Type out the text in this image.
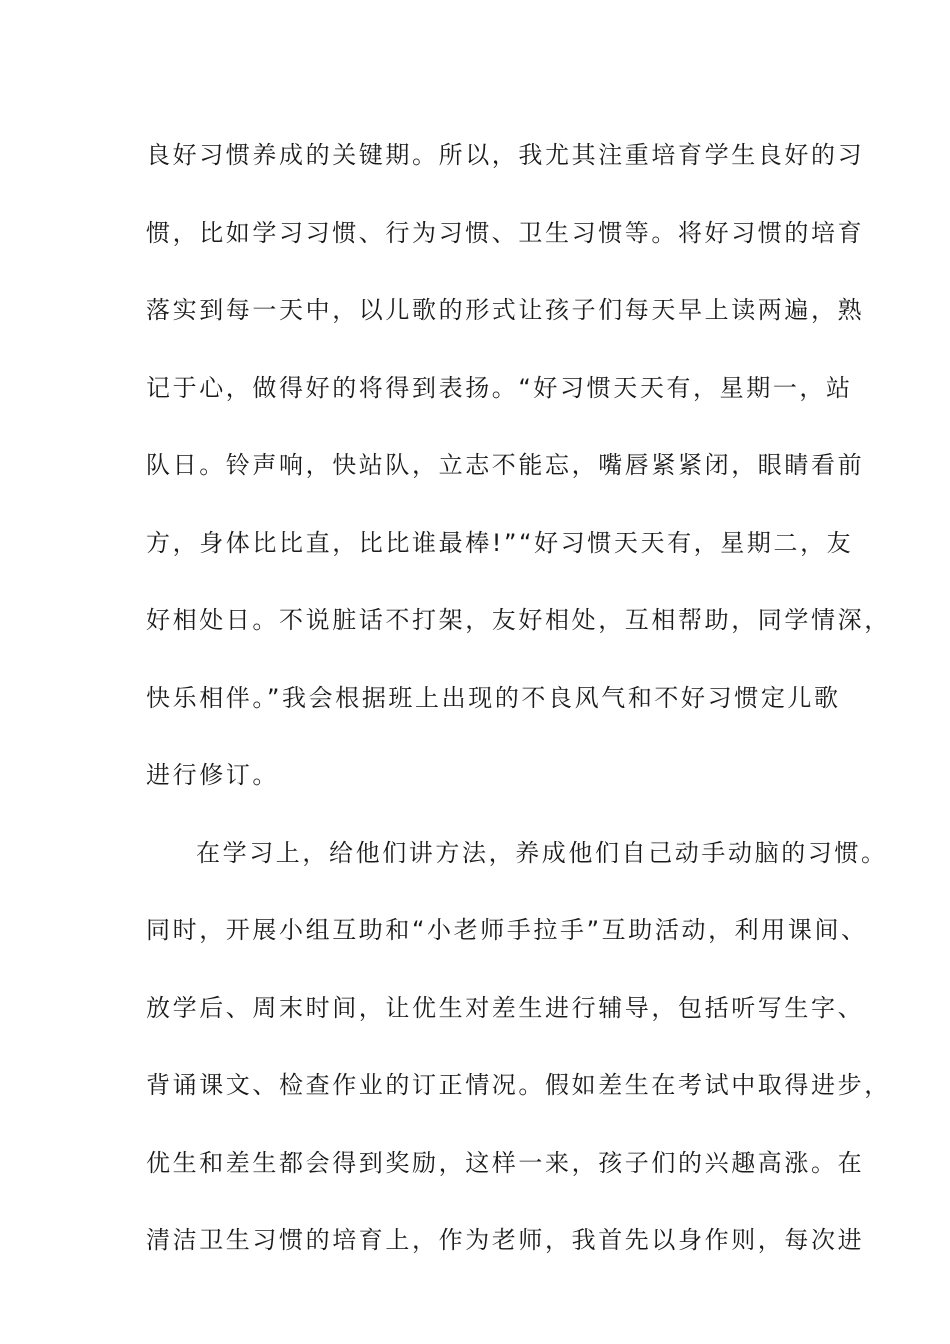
良好习惯养成的关键期。所以，我尤其注重培育学生良好的习
惯，比如学习习惯、行为习惯、卫生习惯等。将好习惯的培育
落实到每一天中，以儿歌的形式让孩子们每天早上读两遍，熟
记于心，做得好的将得到表扬。“好习惯天天有，星期一，站
队日。铃声响，快站队，立志不能忘，嘴唇紧紧闭，眼睛看前
方，身体比比直，比比谁最棒!”“好习惯天天有，星期二，友
好相处日。不说脏话不打架，友好相处，互相帮助，同学情深，
快乐相伴。”我会根据班上出现的不良风气和不好习惯定儿歌
进行修订。
在学习上，给他们讲方法，养成他们自己动手动脑的习惯。
同时，开展小组互助和“小老师手拉手”互助活动，利用课间、
放学后、周末时间，让优生对差生进行辅导，包括听写生字、
背诵课文、检查作业的订正情况。假如差生在考试中取得进步，
优生和差生都会得到奖励，这样一来，孩子们的兴趣高涨。在
清洁卫生习惯的培育上，作为老师，我首先以身作则，每次进
